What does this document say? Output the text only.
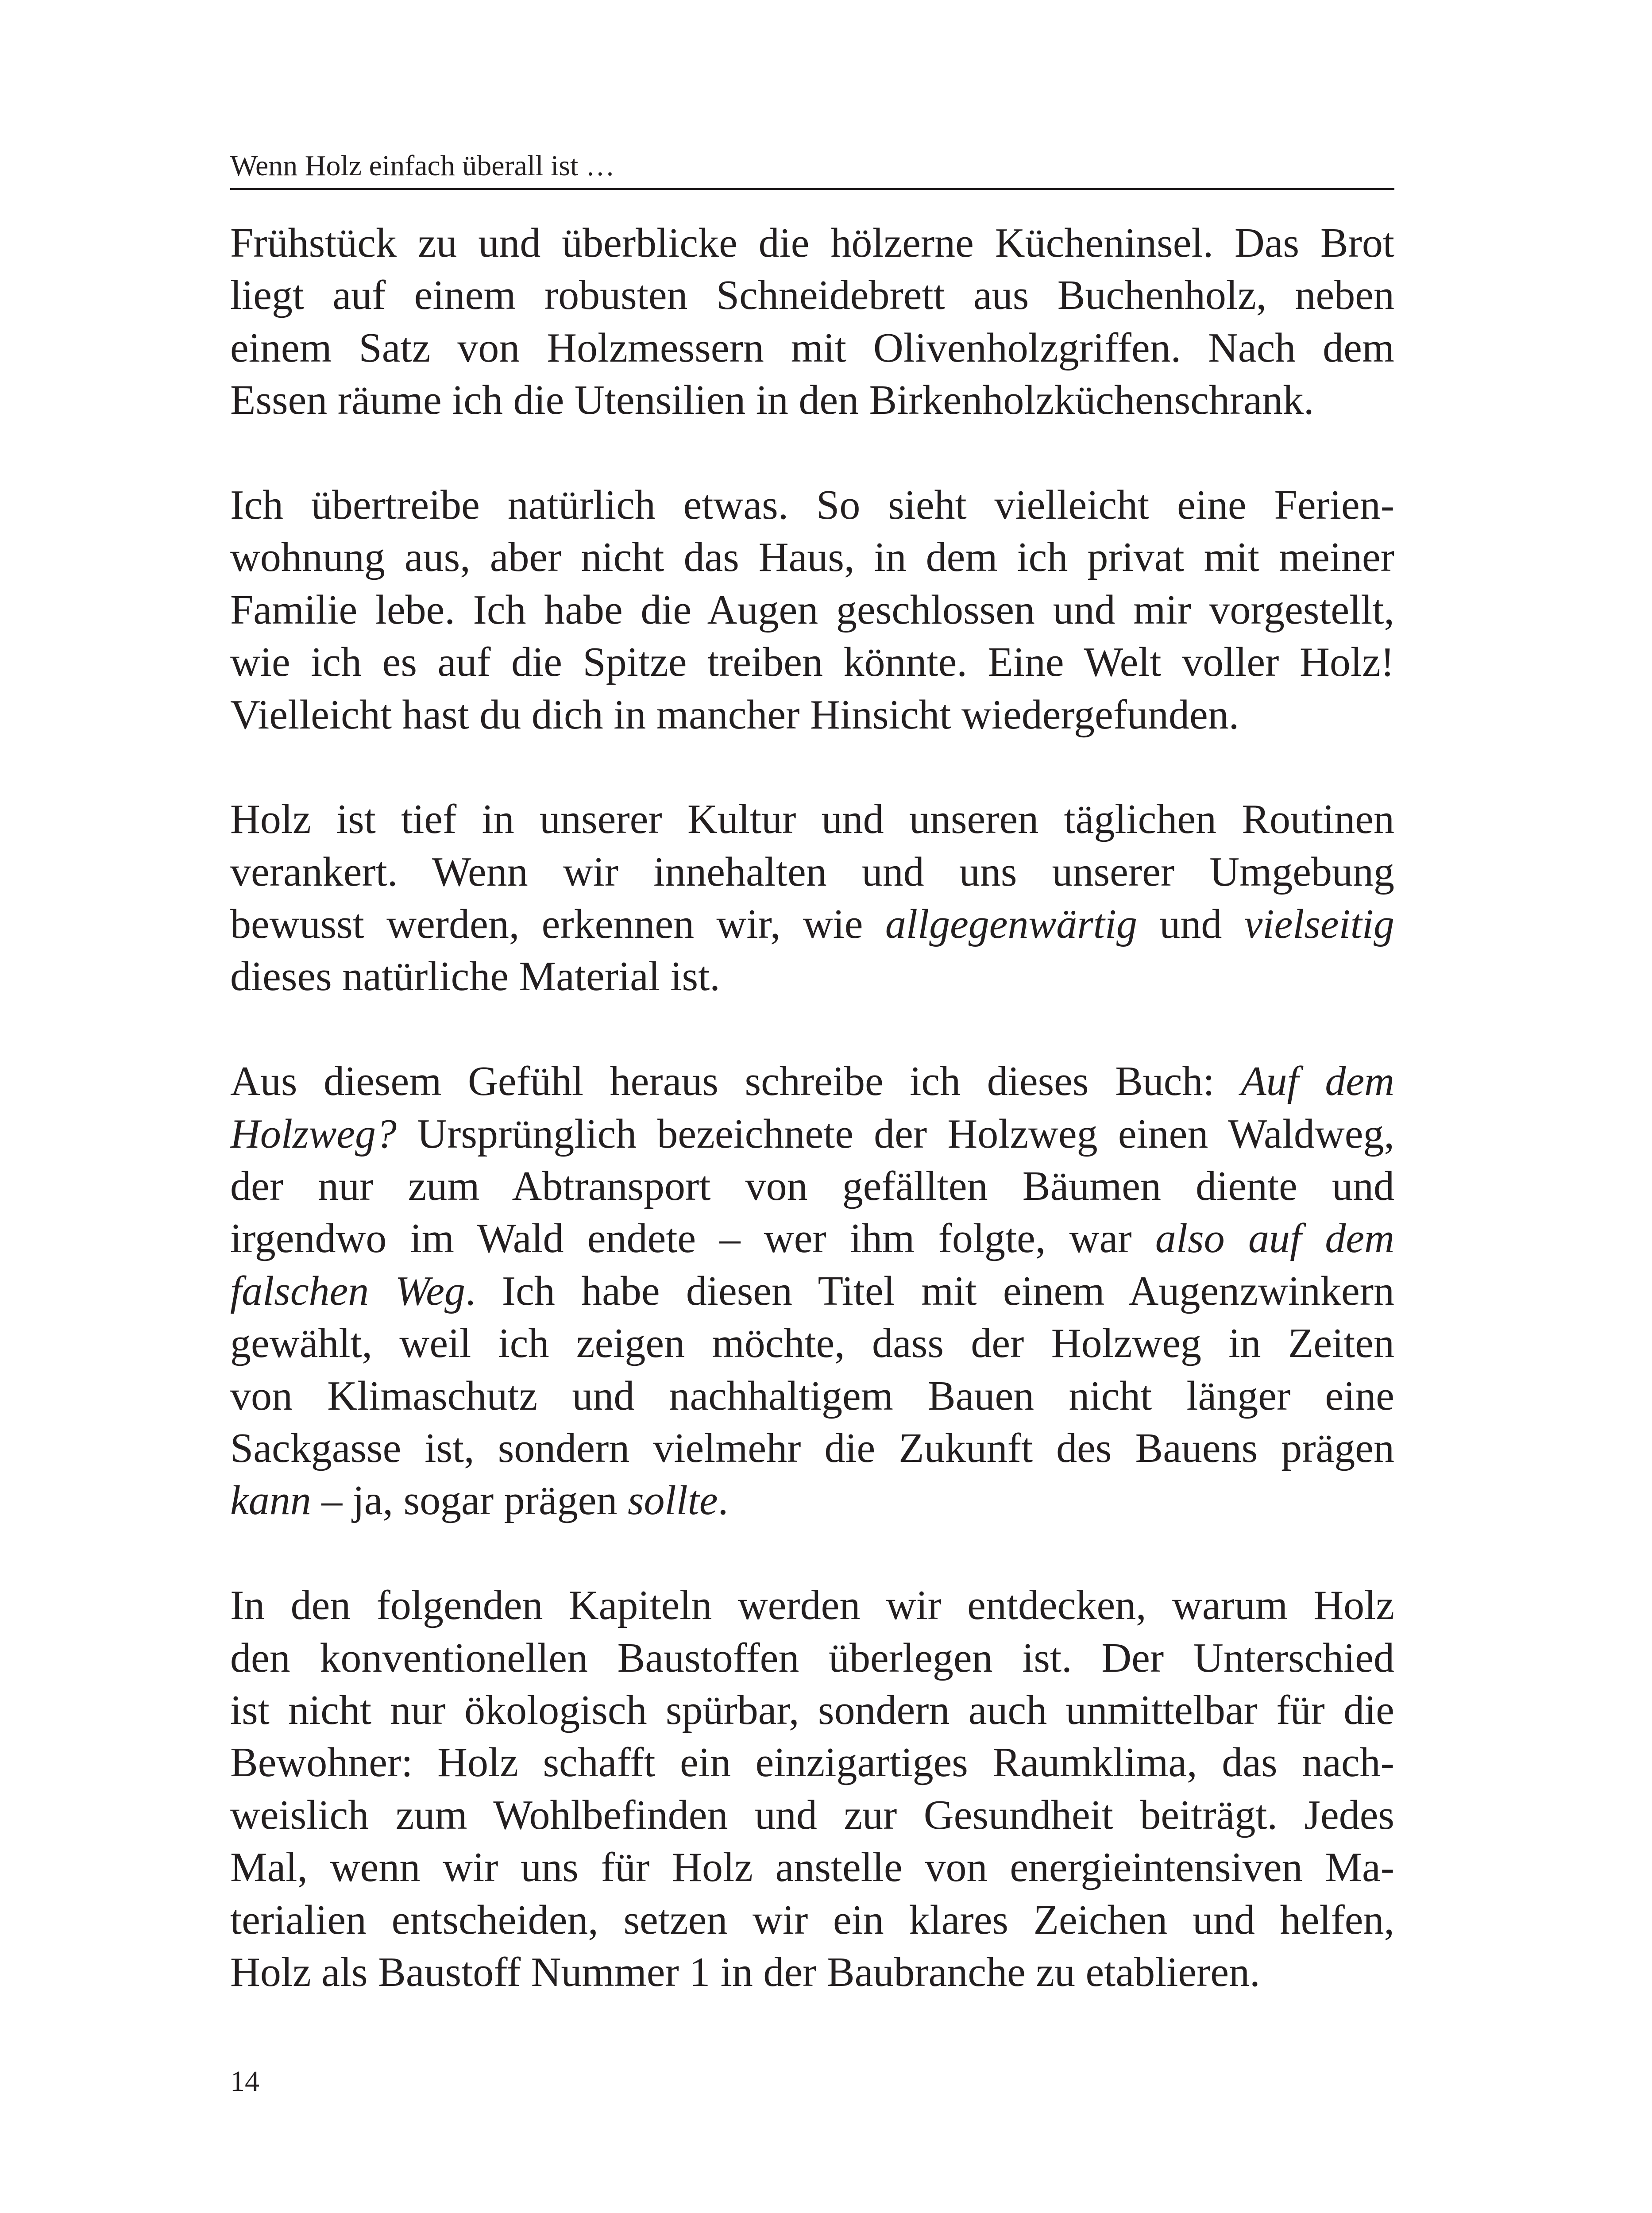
Wenn Holz einfach überall ist …
Frühstück zu und überblicke die hölzerne Kücheninsel. Das Brot
liegt auf einem robusten Schneidebrett aus Buchenholz, neben
einem Satz von Holzmessern mit Olivenholzgriffen. Nach dem
Essen räume ich die Utensilien in den Birkenholzküchenschrank.
Ich übertreibe natürlich etwas. So sieht vielleicht eine Ferien-
wohnung aus, aber nicht das Haus, in dem ich privat mit meiner
Familie lebe. Ich habe die Augen geschlossen und mir vorgestellt,
wie ich es auf die Spitze treiben könnte. Eine Welt voller Holz!
Vielleicht hast du dich in mancher Hinsicht wiedergefunden.
Holz ist tief in unserer Kultur und unseren täglichen Routinen
verankert. Wenn wir innehalten und uns unserer Umgebung
bewusst werden, erkennen wir, wie allgegenwärtig und vielseitig
dieses natürliche Material ist.
Aus diesem Gefühl heraus schreibe ich dieses Buch: Auf dem
Holzweg? Ursprünglich bezeichnete der Holzweg einen Waldweg,
der nur zum Abtransport von gefällten Bäumen diente und
irgendwo im Wald endete – wer ihm folgte, war also auf dem
falschen Weg. Ich habe diesen Titel mit einem Augenzwinkern
gewählt, weil ich zeigen möchte, dass der Holzweg in Zeiten
von Klimaschutz und nachhaltigem Bauen nicht länger eine
Sackgasse ist, sondern vielmehr die Zukunft des Bauens prägen
kann – ja, sogar prägen sollte.
In den folgenden Kapiteln werden wir entdecken, warum Holz
den konventionellen Baustoffen überlegen ist. Der Unterschied
ist nicht nur ökologisch spürbar, sondern auch unmittelbar für die
Bewohner: Holz schafft ein einzigartiges Raumklima, das nach-
weislich zum Wohlbefinden und zur Gesundheit beiträgt. Jedes
Mal, wenn wir uns für Holz anstelle von energieintensiven Ma-
terialien entscheiden, setzen wir ein klares Zeichen und helfen,
Holz als Baustoff Nummer 1 in der Baubranche zu etablieren.
14
